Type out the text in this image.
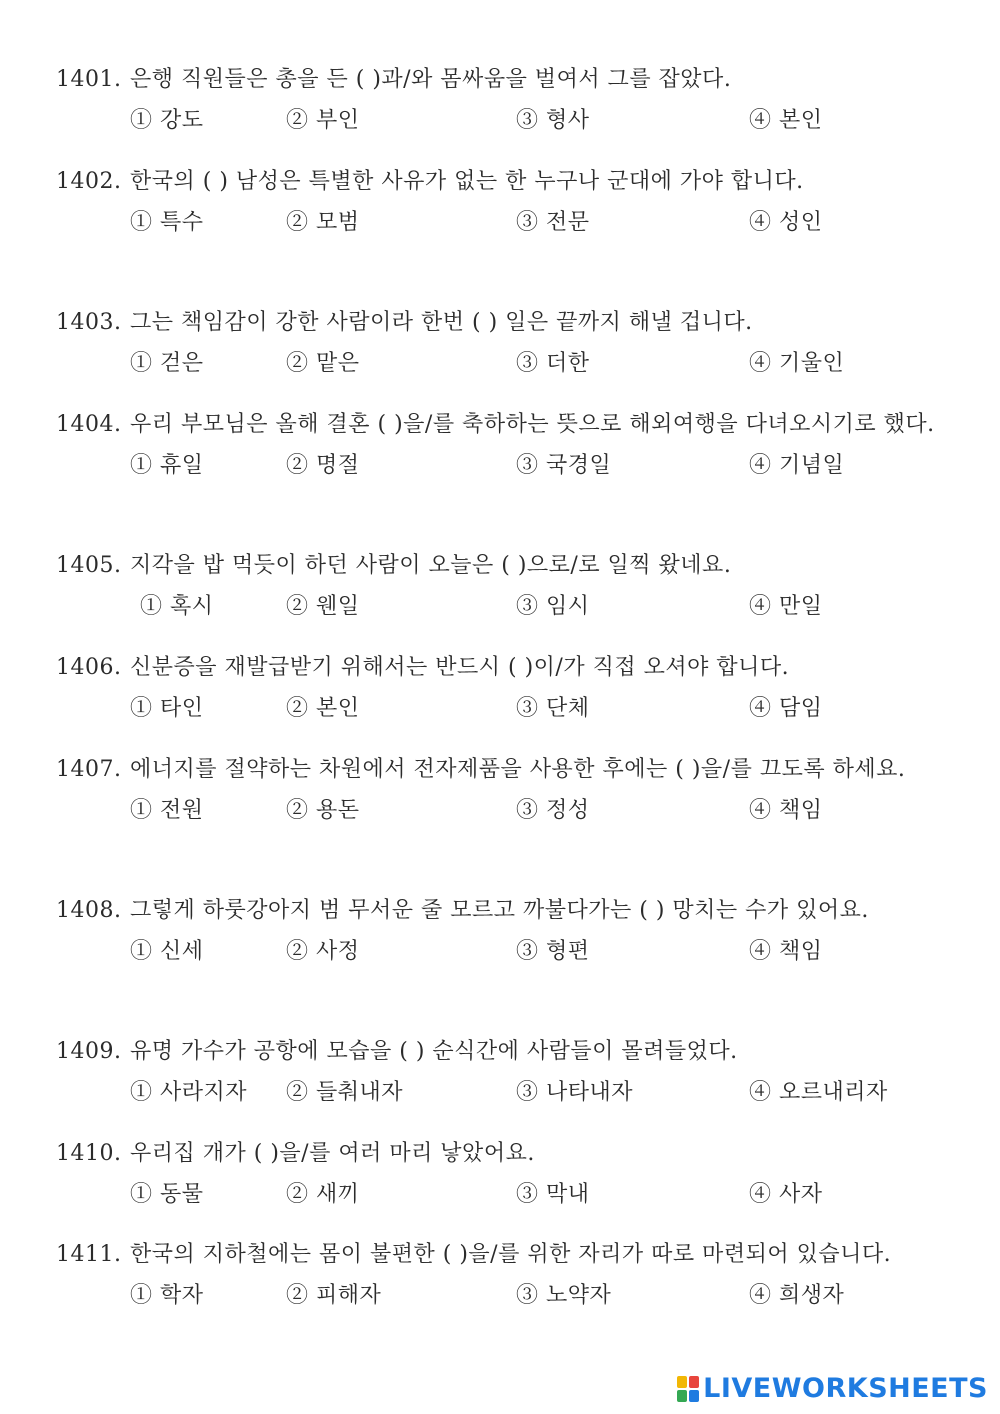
1401. 은행 직원들은 총을 든 ( )과/와 몸싸움을 벌여서 그를 잡았다.
① 강도	② 부인	③ 형사	④ 본인
1402. 한국의 ( ) 남성은 특별한 사유가 없는 한 누구나 군대에 가야 합니다.
① 특수	② 모범	③ 전문	④ 성인
1403. 그는 책임감이 강한 사람이라 한번 ( ) 일은 끝까지 해낼 겁니다.
① 걷은	② 맡은	③ 더한	④ 기울인
1404. 우리 부모님은 올해 결혼 ( )을/를 축하하는 뜻으로 해외여행을 다녀오시기로 했다.
① 휴일	② 명절	③ 국경일	④ 기념일
1405. 지각을 밥 먹듯이 하던 사람이 오늘은 ( )으로/로 일찍 왔네요.
① 혹시	② 웬일	③ 임시	④ 만일
1406. 신분증을 재발급받기 위해서는 반드시 ( )이/가 직접 오셔야 합니다.
① 타인	② 본인	③ 단체	④ 담임
1407. 에너지를 절약하는 차원에서 전자제품을 사용한 후에는 ( )을/를 끄도록 하세요.
① 전원	② 용돈	③ 정성	④ 책임
1408. 그렇게 하룻강아지 범 무서운 줄 모르고 까불다가는 ( ) 망치는 수가 있어요.
① 신세	② 사정	③ 형편	④ 책임
1409. 유명 가수가 공항에 모습을 ( ) 순식간에 사람들이 몰려들었다.
① 사라지자 ② 들춰내자	③ 나타내자	④ 오르내리자
1410. 우리집 개가 ( )을/를 여러 마리 낳았어요.
① 동물	② 새끼	③ 막내	④ 사자
1411. 한국의 지하철에는 몸이 불편한 ( )을/를 위한 자리가 따로 마련되어 있습니다.
① 학자	② 피해자	③ 노약자	④ 희생자
LIVEWORKSHEETS
